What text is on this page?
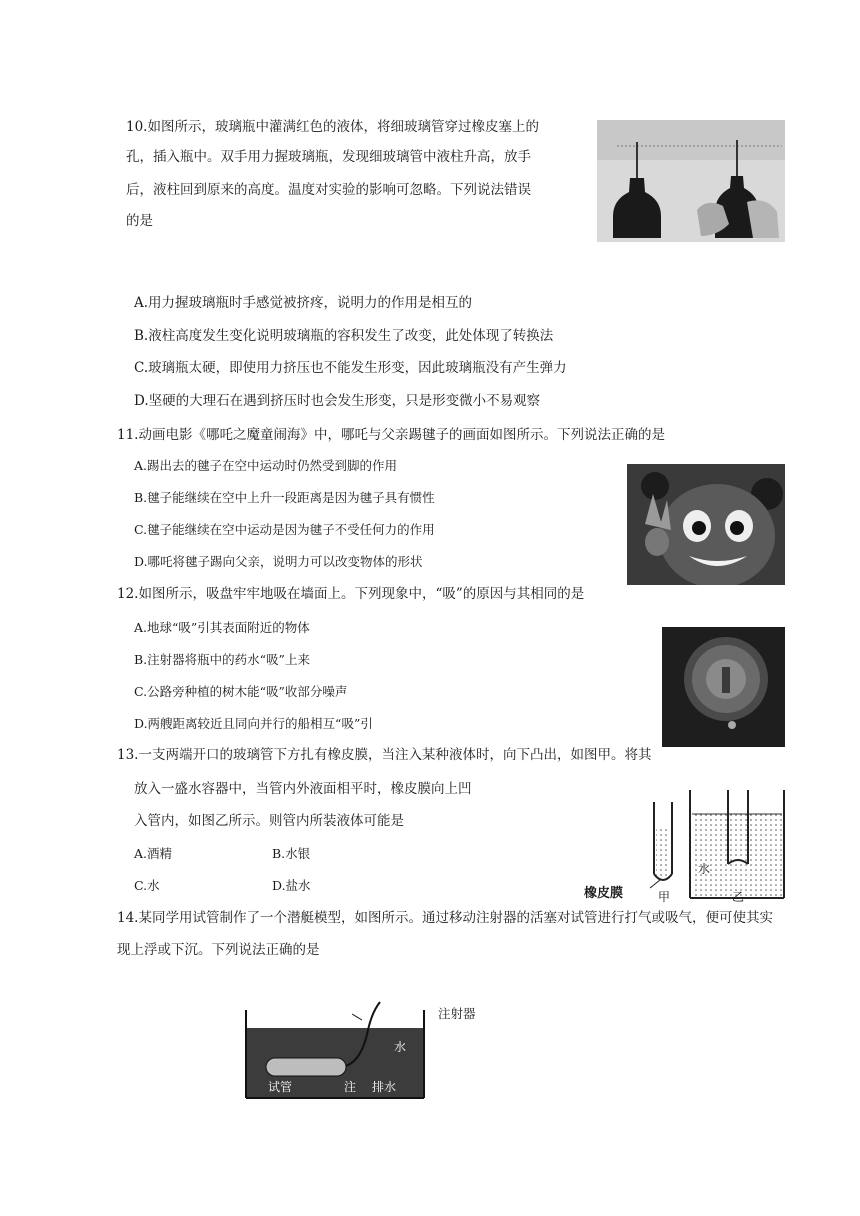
10.如图所示，玻璃瓶中灌满红色的液体，将细玻璃管穿过橡皮塞上的
孔，插入瓶中。双手用力握玻璃瓶，发现细玻璃管中液柱升高，放手
后，液柱回到原来的高度。温度对实验的影响可忽略。下列说法错误
的是
A.用力握玻璃瓶时手感觉被挤疼，说明力的作用是相互的
B.液柱高度发生变化说明玻璃瓶的容积发生了改变，此处体现了转换法
C.玻璃瓶太硬，即使用力挤压也不能发生形变，因此玻璃瓶没有产生弹力
D.坚硬的大理石在遇到挤压时也会发生形变，只是形变微小不易观察
11.动画电影《哪吒之魔童闹海》中，哪吒与父亲踢毽子的画面如图所示。下列说法正确的是
A.踢出去的毽子在空中运动时仍然受到脚的作用
B.毽子能继续在空中上升一段距离是因为毽子具有惯性
C.毽子能继续在空中运动是因为毽子不受任何力的作用
D.哪吒将毽子踢向父亲，说明力可以改变物体的形状
12.如图所示，吸盘牢牢地吸在墙面上。下列现象中，“吸”的原因与其相同的是
A.地球“吸”引其表面附近的物体
B.注射器将瓶中的药水“吸”上来
C.公路旁种植的树木能“吸”收部分噪声
D.两艘距离较近且同向并行的船相互“吸”引
13.一支两端开口的玻璃管下方扎有橡皮膜，当注入某种液体时，向下凸出，如图甲。将其
放入一盛水容器中，当管内外液面相平时，橡皮膜向上凹
入管内，如图乙所示。则管内所装液体可能是
A.酒精	B.水银
C.水	D.盐水
橡皮膜	甲	乙
水
14.某同学用试管制作了一个潜艇模型，如图所示。通过移动注射器的活塞对试管进行打气或吸气，便可使其实
现上浮或下沉。下列说法正确的是
水
试管	注 排水
注射器
